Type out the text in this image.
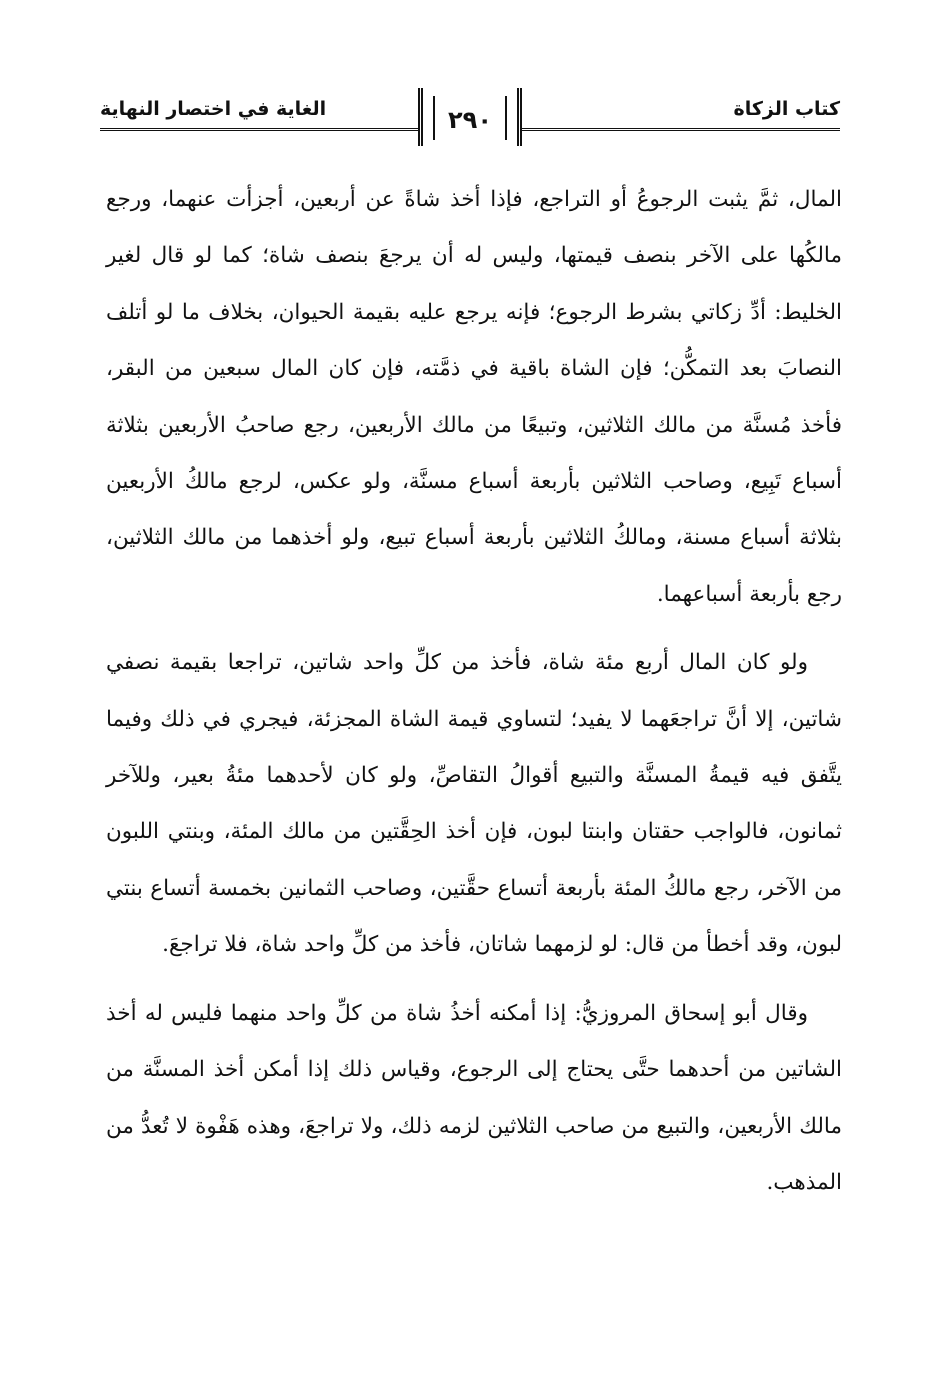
كتاب الزكاة
الغاية في اختصار النهاية	٢٩٠

المال، ثمَّ يثبت الرجوعُ أو التراجع، فإذا أخذ شاةً عن أربعين، أجزأت عنهما، ورجع مالكُها على الآخر بنصف قيمتها، وليس له أن يرجعَ بنصف شاة؛ كما لو قال لغير الخليط: أدِّ زكاتي بشرط الرجوع؛ فإنه يرجع عليه بقيمة الحيوان، بخلاف ما لو أتلف النصابَ بعد التمكُّن؛ فإن الشاة باقية في ذمَّته، فإن كان المال سبعين من البقر، فأخذ مُسنَّة من مالك الثلاثين، وتبيعًا من مالك الأربعين، رجع صاحبُ الأربعين بثلاثة أسباع تَبِيع، وصاحب الثلاثين بأربعة أسباع مسنَّة، ولو عكس، لرجع مالكُ الأربعين بثلاثة أسباع مسنة، ومالكُ الثلاثين بأربعة أسباع تبيع، ولو أخذهما من مالك الثلاثين، رجع بأربعة أسباعهما.

ولو كان المال أربع مئة شاة، فأخذ من كلِّ واحد شاتين، تراجعا بقيمة نصفي شاتين، إلا أنَّ تراجعَهما لا يفيد؛ لتساوي قيمة الشاة المجزئة، فيجري في ذلك وفيما يتَّفق فيه قيمةُ المسنَّة والتبيع أقوالُ التقاصِّ، ولو كان لأحدهما مئةُ بعير، وللآخر ثمانون، فالواجب حقتان وابنتا لبون، فإن أخذ الحِقَّتين من مالك المئة، وبنتي اللبون من الآخر، رجع مالكُ المئة بأربعة أتساع حقَّتين، وصاحب الثمانين بخمسة أتساع بنتي لبون، وقد أخطأ من قال: لو لزمهما شاتان، فأخذ من كلِّ واحد شاة، فلا تراجعَ.

وقال أبو إسحاق المروزيُّ: إذا أمكنه أخذُ شاة من كلِّ واحد منهما فليس له أخذ الشاتين من أحدهما حتَّى يحتاج إلى الرجوع، وقياس ذلك إذا أمكن أخذ المسنَّة من مالك الأربعين، والتبيع من صاحب الثلاثين لزمه ذلك، ولا تراجعَ، وهذه هَفْوة لا تُعدُّ من المذهب.
